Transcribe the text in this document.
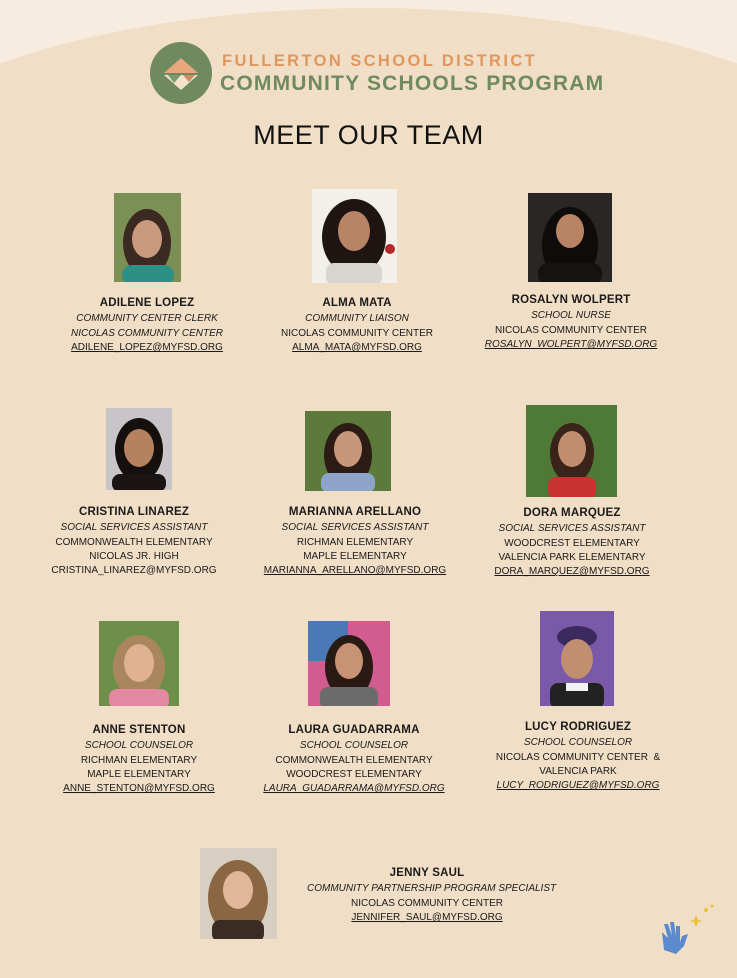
FULLERTON SCHOOL DISTRICT
COMMUNITY SCHOOLS PROGRAM
MEET OUR TEAM
ADILENE LOPEZ
COMMUNITY CENTER CLERK
NICOLAS COMMUNITY CENTER
ADILENE_LOPEZ@MYFSD.ORG
ALMA MATA
COMMUNITY LIAISON
NICOLAS COMMUNITY CENTER
ALMA_MATA@MYFSD.ORG
ROSALYN WOLPERT
SCHOOL NURSE
NICOLAS COMMUNITY CENTER
ROSALYN_WOLPERT@MYFSD.ORG
CRISTINA LINAREZ
SOCIAL SERVICES ASSISTANT
COMMONWEALTH ELEMENTARY
NICOLAS JR. HIGH
CRISTINA_LINAREZ@MYFSD.ORG
MARIANNA ARELLANO
SOCIAL SERVICES ASSISTANT
RICHMAN ELEMENTARY
MAPLE ELEMENTARY
MARIANNA_ARELLANO@MYFSD.ORG
DORA MARQUEZ
SOCIAL SERVICES ASSISTANT
WOODCREST ELEMENTARY
VALENCIA PARK ELEMENTARY
DORA_MARQUEZ@MYFSD.ORG
ANNE STENTON
SCHOOL COUNSELOR
RICHMAN ELEMENTARY
MAPLE ELEMENTARY
ANNE_STENTON@MYFSD.ORG
LAURA GUADARRAMA
SCHOOL COUNSELOR
COMMONWEALTH ELEMENTARY
WOODCREST ELEMENTARY
LAURA_GUADARRAMA@MYFSD.ORG
LUCY RODRIGUEZ
SCHOOL COUNSELOR
NICOLAS COMMUNITY CENTER  &
VALENCIA PARK
LUCY_RODRIGUEZ@MYFSD.ORG
JENNY SAUL
COMMUNITY PARTNERSHIP PROGRAM SPECIALIST
NICOLAS COMMUNITY CENTER
JENNIFER_SAUL@MYFSD.ORG
